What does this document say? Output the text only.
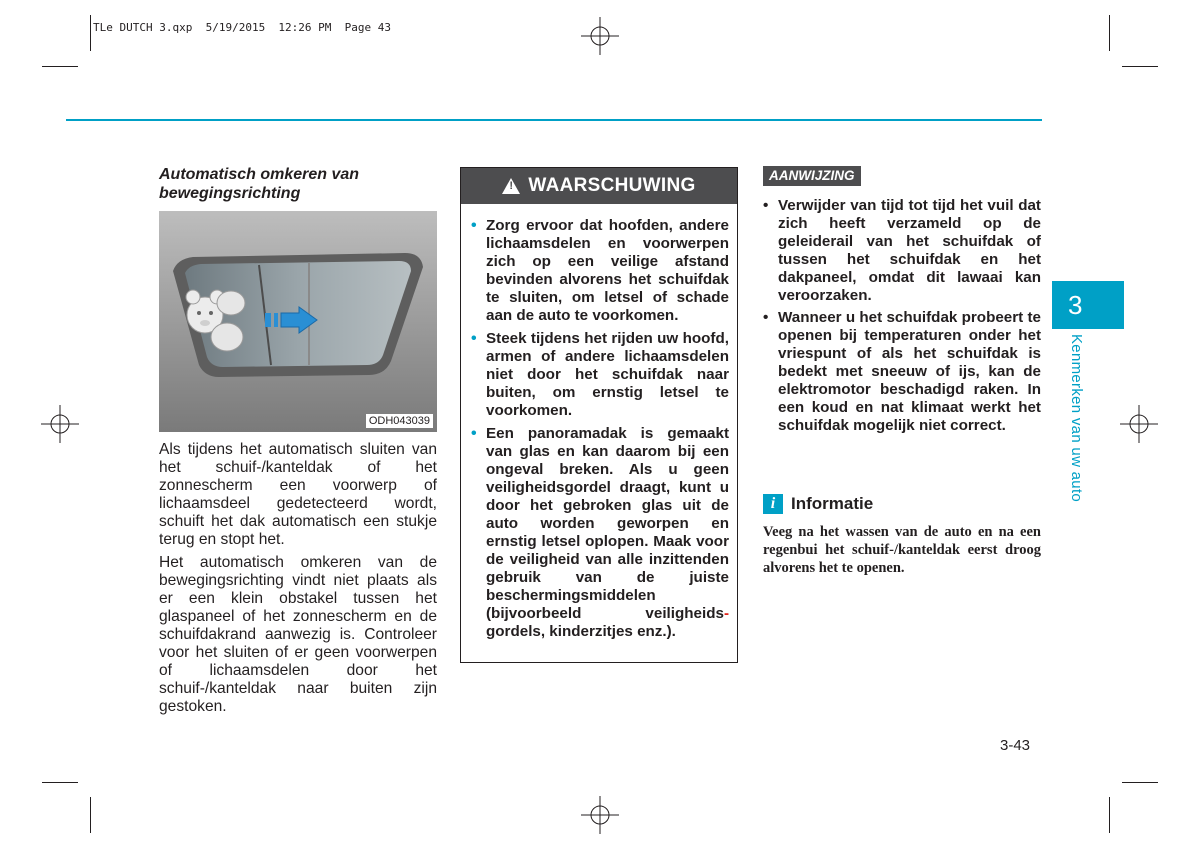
TLe DUTCH 3.qxp  5/19/2015  12:26 PM  Page 43
Automatisch omkeren van bewegingsrichting
ODH043039

Als tijdens het automatisch sluiten van het schuif-/kanteldak of het zonnescherm een voorwerp of lichaamsdeel gedetecteerd wordt, schuift het dak automatisch een stukje terug en stopt het.

Het automatisch omkeren van de bewegingsrichting vindt niet plaats als er een klein obstakel tussen het glaspaneel of het zonnescherm en de schuifdakrand aanwezig is. Controleer voor het sluiten of er geen voorwerpen of lichaamsdelen door het schuif-/kanteldak naar buiten zijn gestoken.

! WAARSCHUWING
• Zorg ervoor dat hoofden, andere lichaamsdelen en voorwerpen zich op een veilige afstand bevinden alvorens het schuifdak te sluiten, om letsel of schade aan de auto te voorkomen.
• Steek tijdens het rijden uw hoofd, armen of andere lichaamsdelen niet door het schuifdak naar buiten, om ernstig letsel te voorkomen.
• Een panoramadak is gemaakt van glas en kan daarom bij een ongeval breken. Als u geen veiligheidsgordel draagt, kunt u door het gebroken glas uit de auto worden geworpen en ernstig letsel oplopen. Maak voor de veiligheid van alle inzittenden gebruik van de juiste beschermingsmiddelen (bijvoorbeeld veiligheids- gordels, kinderzitjes enz.).
AANWIJZING
• Verwijder van tijd tot tijd het vuil dat zich heeft verzameld op de geleiderail van het schuifdak of tussen het schuifdak en het dakpaneel, omdat dit lawaai kan veroorzaken.
• Wanneer u het schuifdak probeert te openen bij temperaturen onder het vriespunt of als het schuifdak is bedekt met sneeuw of ijs, kan de elektromotor beschadigd raken. In een koud en nat klimaat werkt het schuifdak mogelijk niet correct.
i Informatie

Veeg na het wassen van de auto en na een regenbui het schuif-/kanteldak eerst droog alvorens het te openen.

3
Kenmerken van uw auto
3-43
